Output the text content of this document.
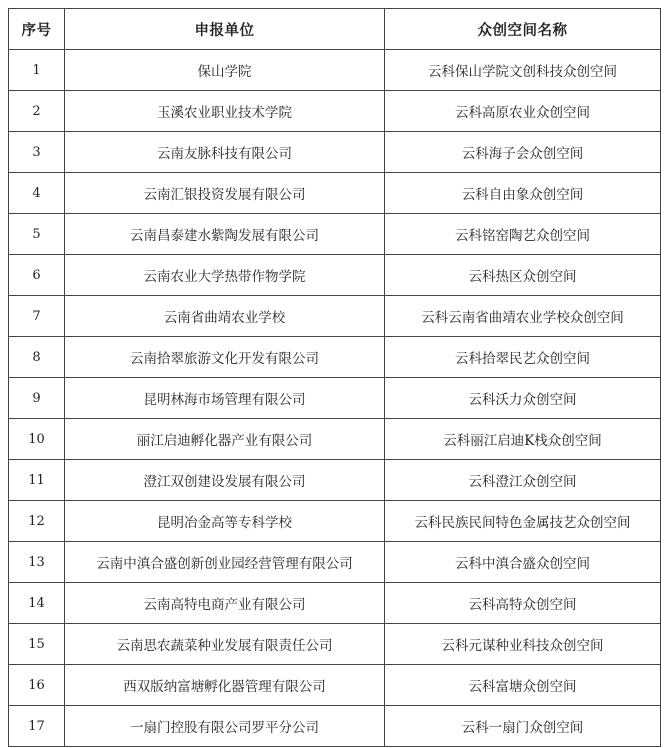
序号	申报单位	众创空间名称
1	保山学院	云科保山学院文创科技众创空间
2	玉溪农业职业技术学院	云科高原农业众创空间
3	云南友脉科技有限公司	云科海子会众创空间
4	云南汇银投资发展有限公司	云科自由象众创空间
5	云南昌泰建水紫陶发展有限公司	云科铭窑陶艺众创空间
6	云南农业大学热带作物学院	云科热区众创空间
7	云南省曲靖农业学校	云科云南省曲靖农业学校众创空间
8	云南拾翠旅游文化开发有限公司	云科拾翠民艺众创空间
9	昆明林海市场管理有限公司	云科沃力众创空间
10	丽江启迪孵化器产业有限公司	云科丽江启迪K栈众创空间
11	澄江双创建设发展有限公司	云科澄江众创空间
12	昆明冶金高等专科学校	云科民族民间特色金属技艺众创空间
13	云南中滇合盛创新创业园经营管理有限公司	云科中滇合盛众创空间
14	云南高特电商产业有限公司	云科高特众创空间
15	云南思农蔬菜种业发展有限责任公司	云科元谋种业科技众创空间
16	西双版纳富塘孵化器管理有限公司	云科富塘众创空间
17	一扇门控股有限公司罗平分公司	云科一扇门众创空间
